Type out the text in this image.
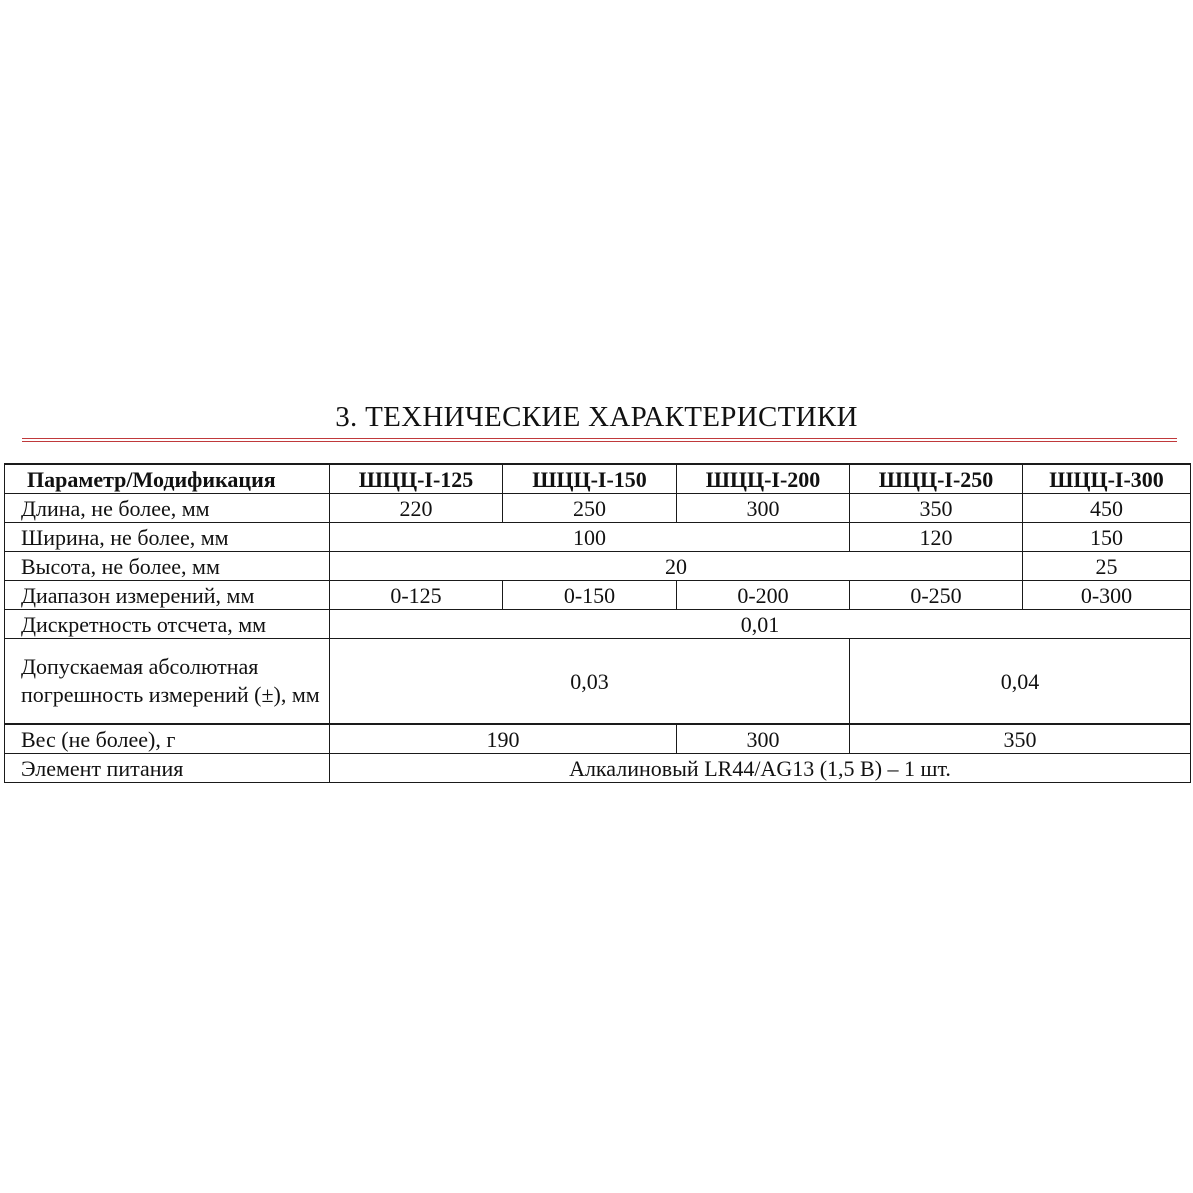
3. ТЕХНИЧЕСКИЕ ХАРАКТЕРИСТИКИ
Параметр/Модификация	ШЦЦ-I-125	ШЦЦ-I-150	ШЦЦ-I-200	ШЦЦ-I-250	ШЦЦ-I-300
Длина, не более, мм	220	250	300	350	450
Ширина, не более, мм	100			120	150
Высота, не более, мм	20				25
Диапазон измерений, мм	0-125	0-150	0-200	0-250	0-300
Дискретность отсчета, мм	0,01				
Допускаемая абсолютная погрешность измерений (±), мм	0,03			0,04	
Вес (не более), г	190		300	350	
Элемент питания	Алкалиновый LR44/AG13 (1,5 В) – 1 шт.				
